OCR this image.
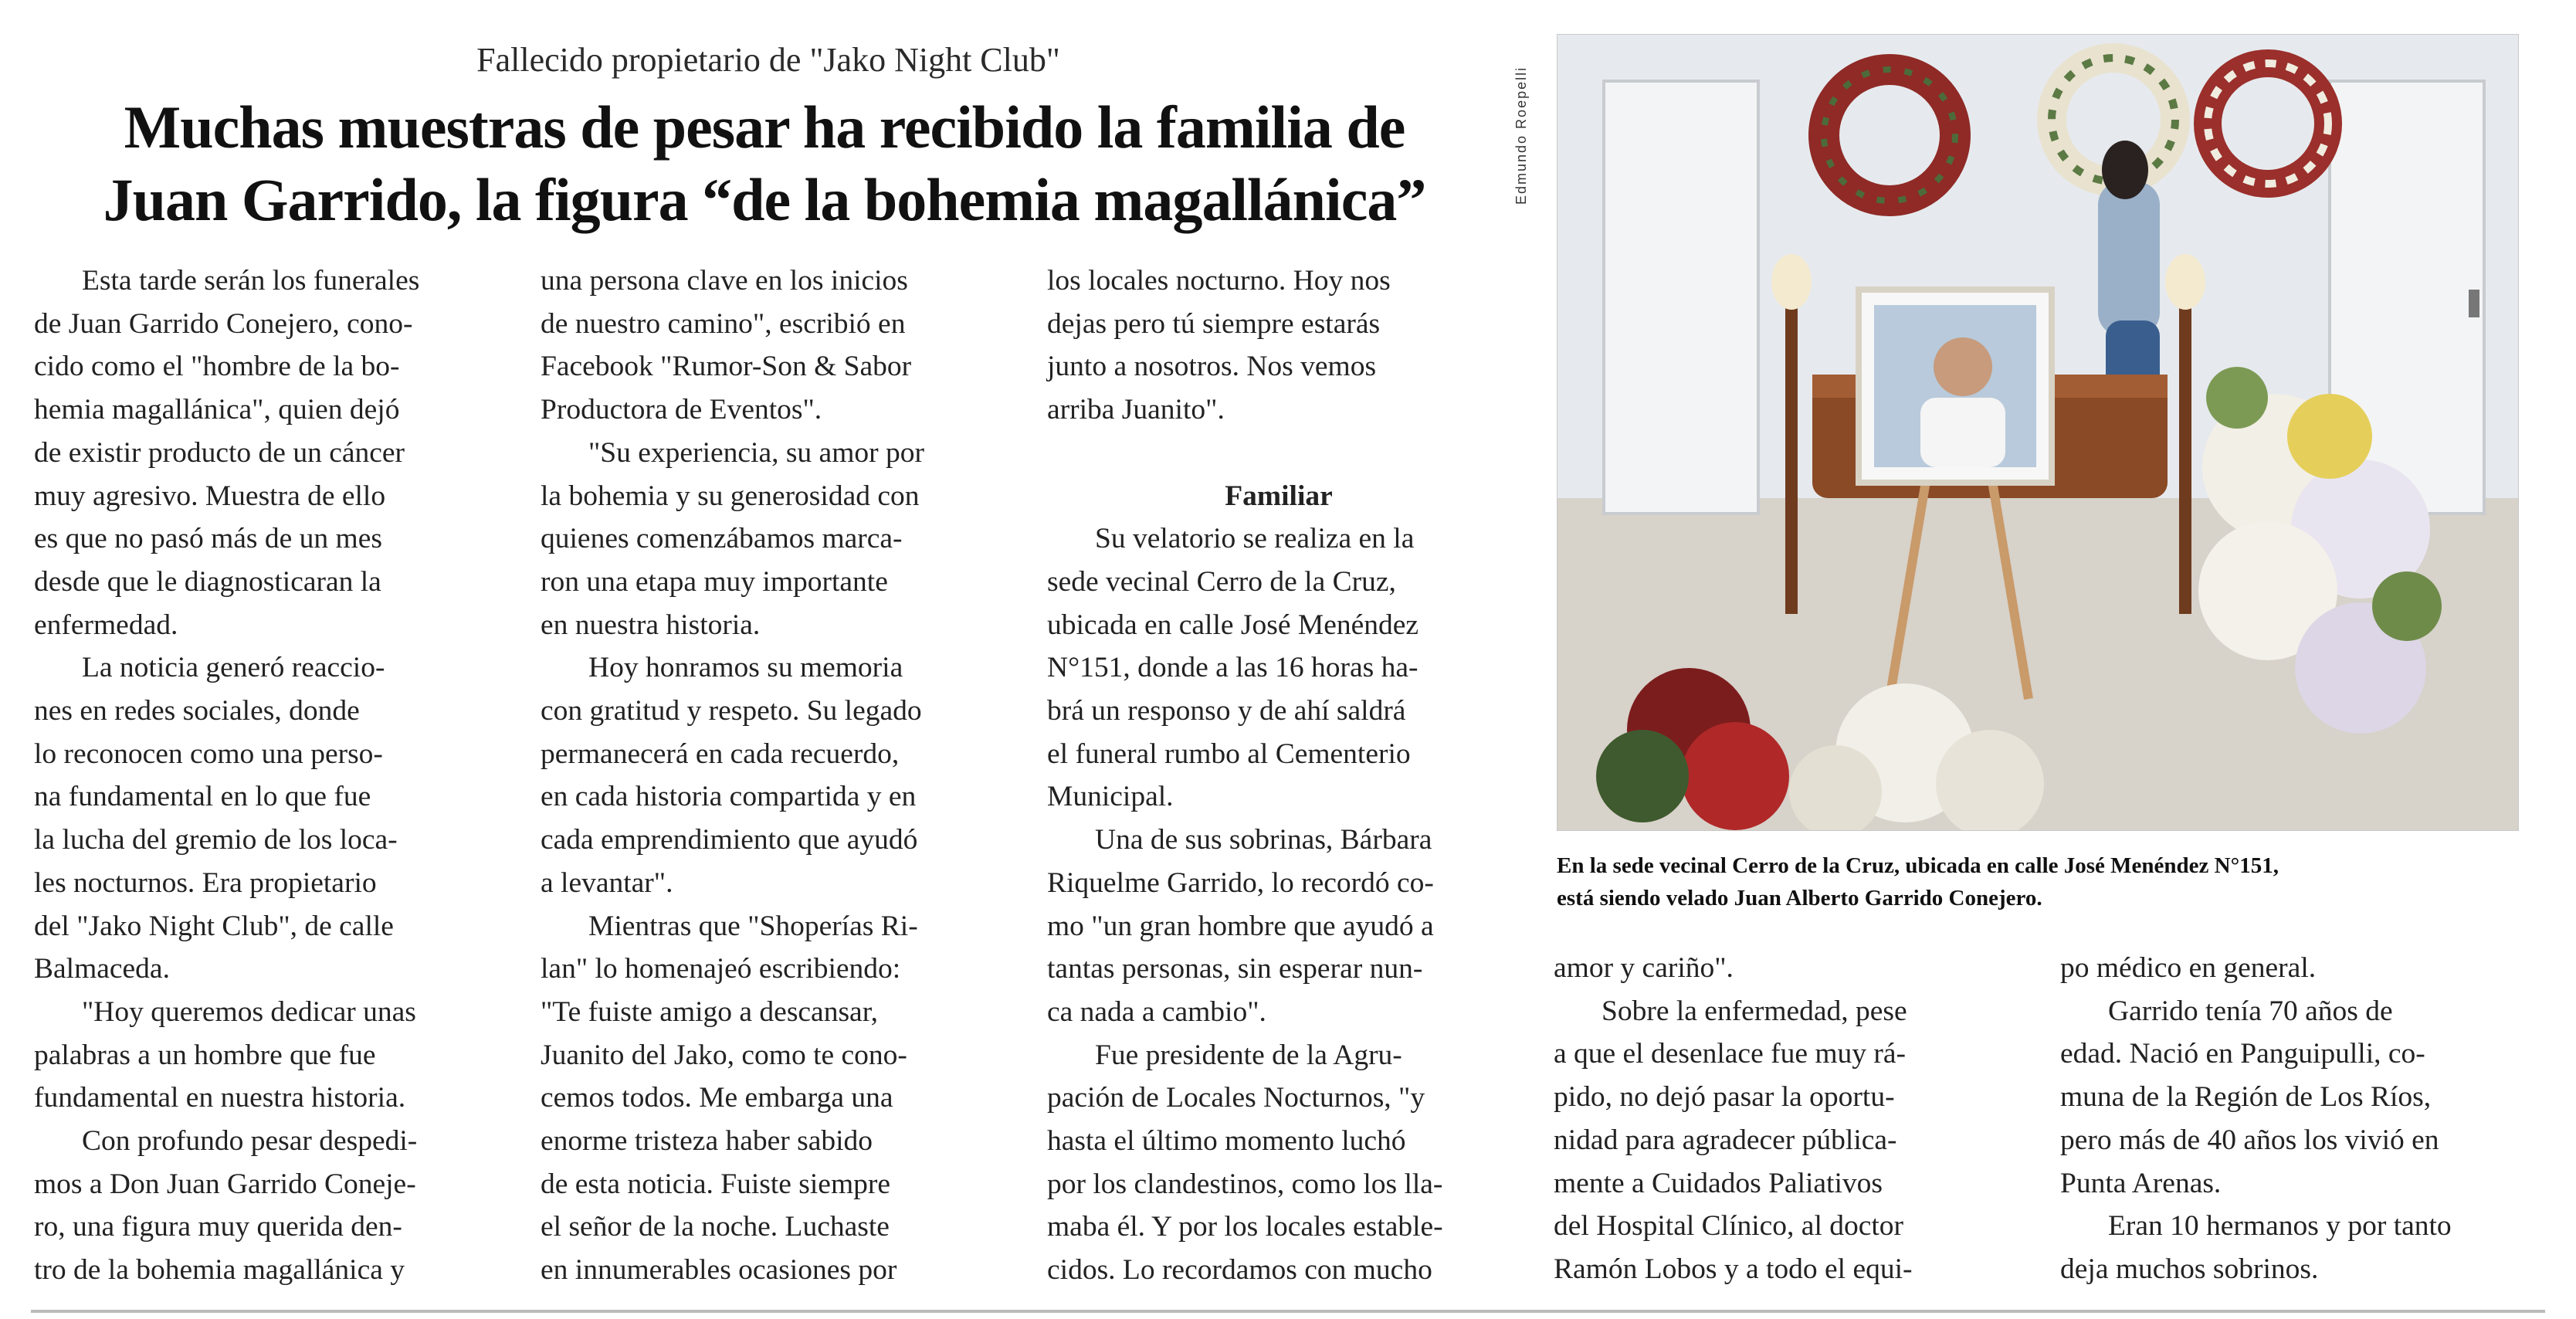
Fallecido propietario de "Jako Night Club"
Muchas muestras de pesar ha recibido la familia de
Juan Garrido, la figura “de la bohemia magallánica”
Esta tarde serán los funerales
de Juan Garrido Conejero, cono-
cido como el "hombre de la bo-
hemia magallánica", quien dejó
de existir producto de un cáncer
muy agresivo. Muestra de ello
es que no pasó más de un mes
desde que le diagnosticaran la
enfermedad.
La noticia generó reaccio-
nes en redes sociales, donde
lo reconocen como una perso-
na fundamental en lo que fue
la lucha del gremio de los loca-
les nocturnos. Era propietario
del "Jako Night Club", de calle
Balmaceda.
"Hoy queremos dedicar unas
palabras a un hombre que fue
fundamental en nuestra historia.
Con profundo pesar despedi-
mos a Don Juan Garrido Coneje-
ro, una figura muy querida den-
tro de la bohemia magallánica y
una persona clave en los inicios
de nuestro camino", escribió en
Facebook "Rumor-Son & Sabor
Productora de Eventos".
"Su experiencia, su amor por
la bohemia y su generosidad con
quienes comenzábamos marca-
ron una etapa muy importante
en nuestra historia.
Hoy honramos su memoria
con gratitud y respeto. Su legado
permanecerá en cada recuerdo,
en cada historia compartida y en
cada emprendimiento que ayudó
a levantar".
Mientras que "Shoperías Ri-
lan" lo homenajeó escribiendo:
"Te fuiste amigo a descansar,
Juanito del Jako, como te cono-
cemos todos. Me embarga una
enorme tristeza haber sabido
de esta noticia. Fuiste siempre
el señor de la noche. Luchaste
en innumerables ocasiones por
los locales nocturno. Hoy nos
dejas pero tú siempre estarás
junto a nosotros. Nos vemos
arriba Juanito".

Familiar
Su velatorio se realiza en la
sede vecinal Cerro de la Cruz,
ubicada en calle José Menéndez
N°151, donde a las 16 horas ha-
brá un responso y de ahí saldrá
el funeral rumbo al Cementerio
Municipal.
Una de sus sobrinas, Bárbara
Riquelme Garrido, lo recordó co-
mo "un gran hombre que ayudó a
tantas personas, sin esperar nun-
ca nada a cambio".
Fue presidente de la Agru-
pación de Locales Nocturnos, "y
hasta el último momento luchó
por los clandestinos, como los lla-
maba él. Y por los locales estable-
cidos. Lo recordamos con mucho
Edmundo Roepelli
En la sede vecinal Cerro de la Cruz, ubicada en calle José Menéndez N°151,
está siendo velado Juan Alberto Garrido Conejero.
amor y cariño".
Sobre la enfermedad, pese
a que el desenlace fue muy rá-
pido, no dejó pasar la oportu-
nidad para agradecer pública-
mente a Cuidados Paliativos
del Hospital Clínico, al doctor
Ramón Lobos y a todo el equi-
po médico en general.
Garrido tenía 70 años de
edad. Nació en Panguipulli, co-
muna de la Región de Los Ríos,
pero más de 40 años los vivió en
Punta Arenas.
Eran 10 hermanos y por tanto
deja muchos sobrinos.
